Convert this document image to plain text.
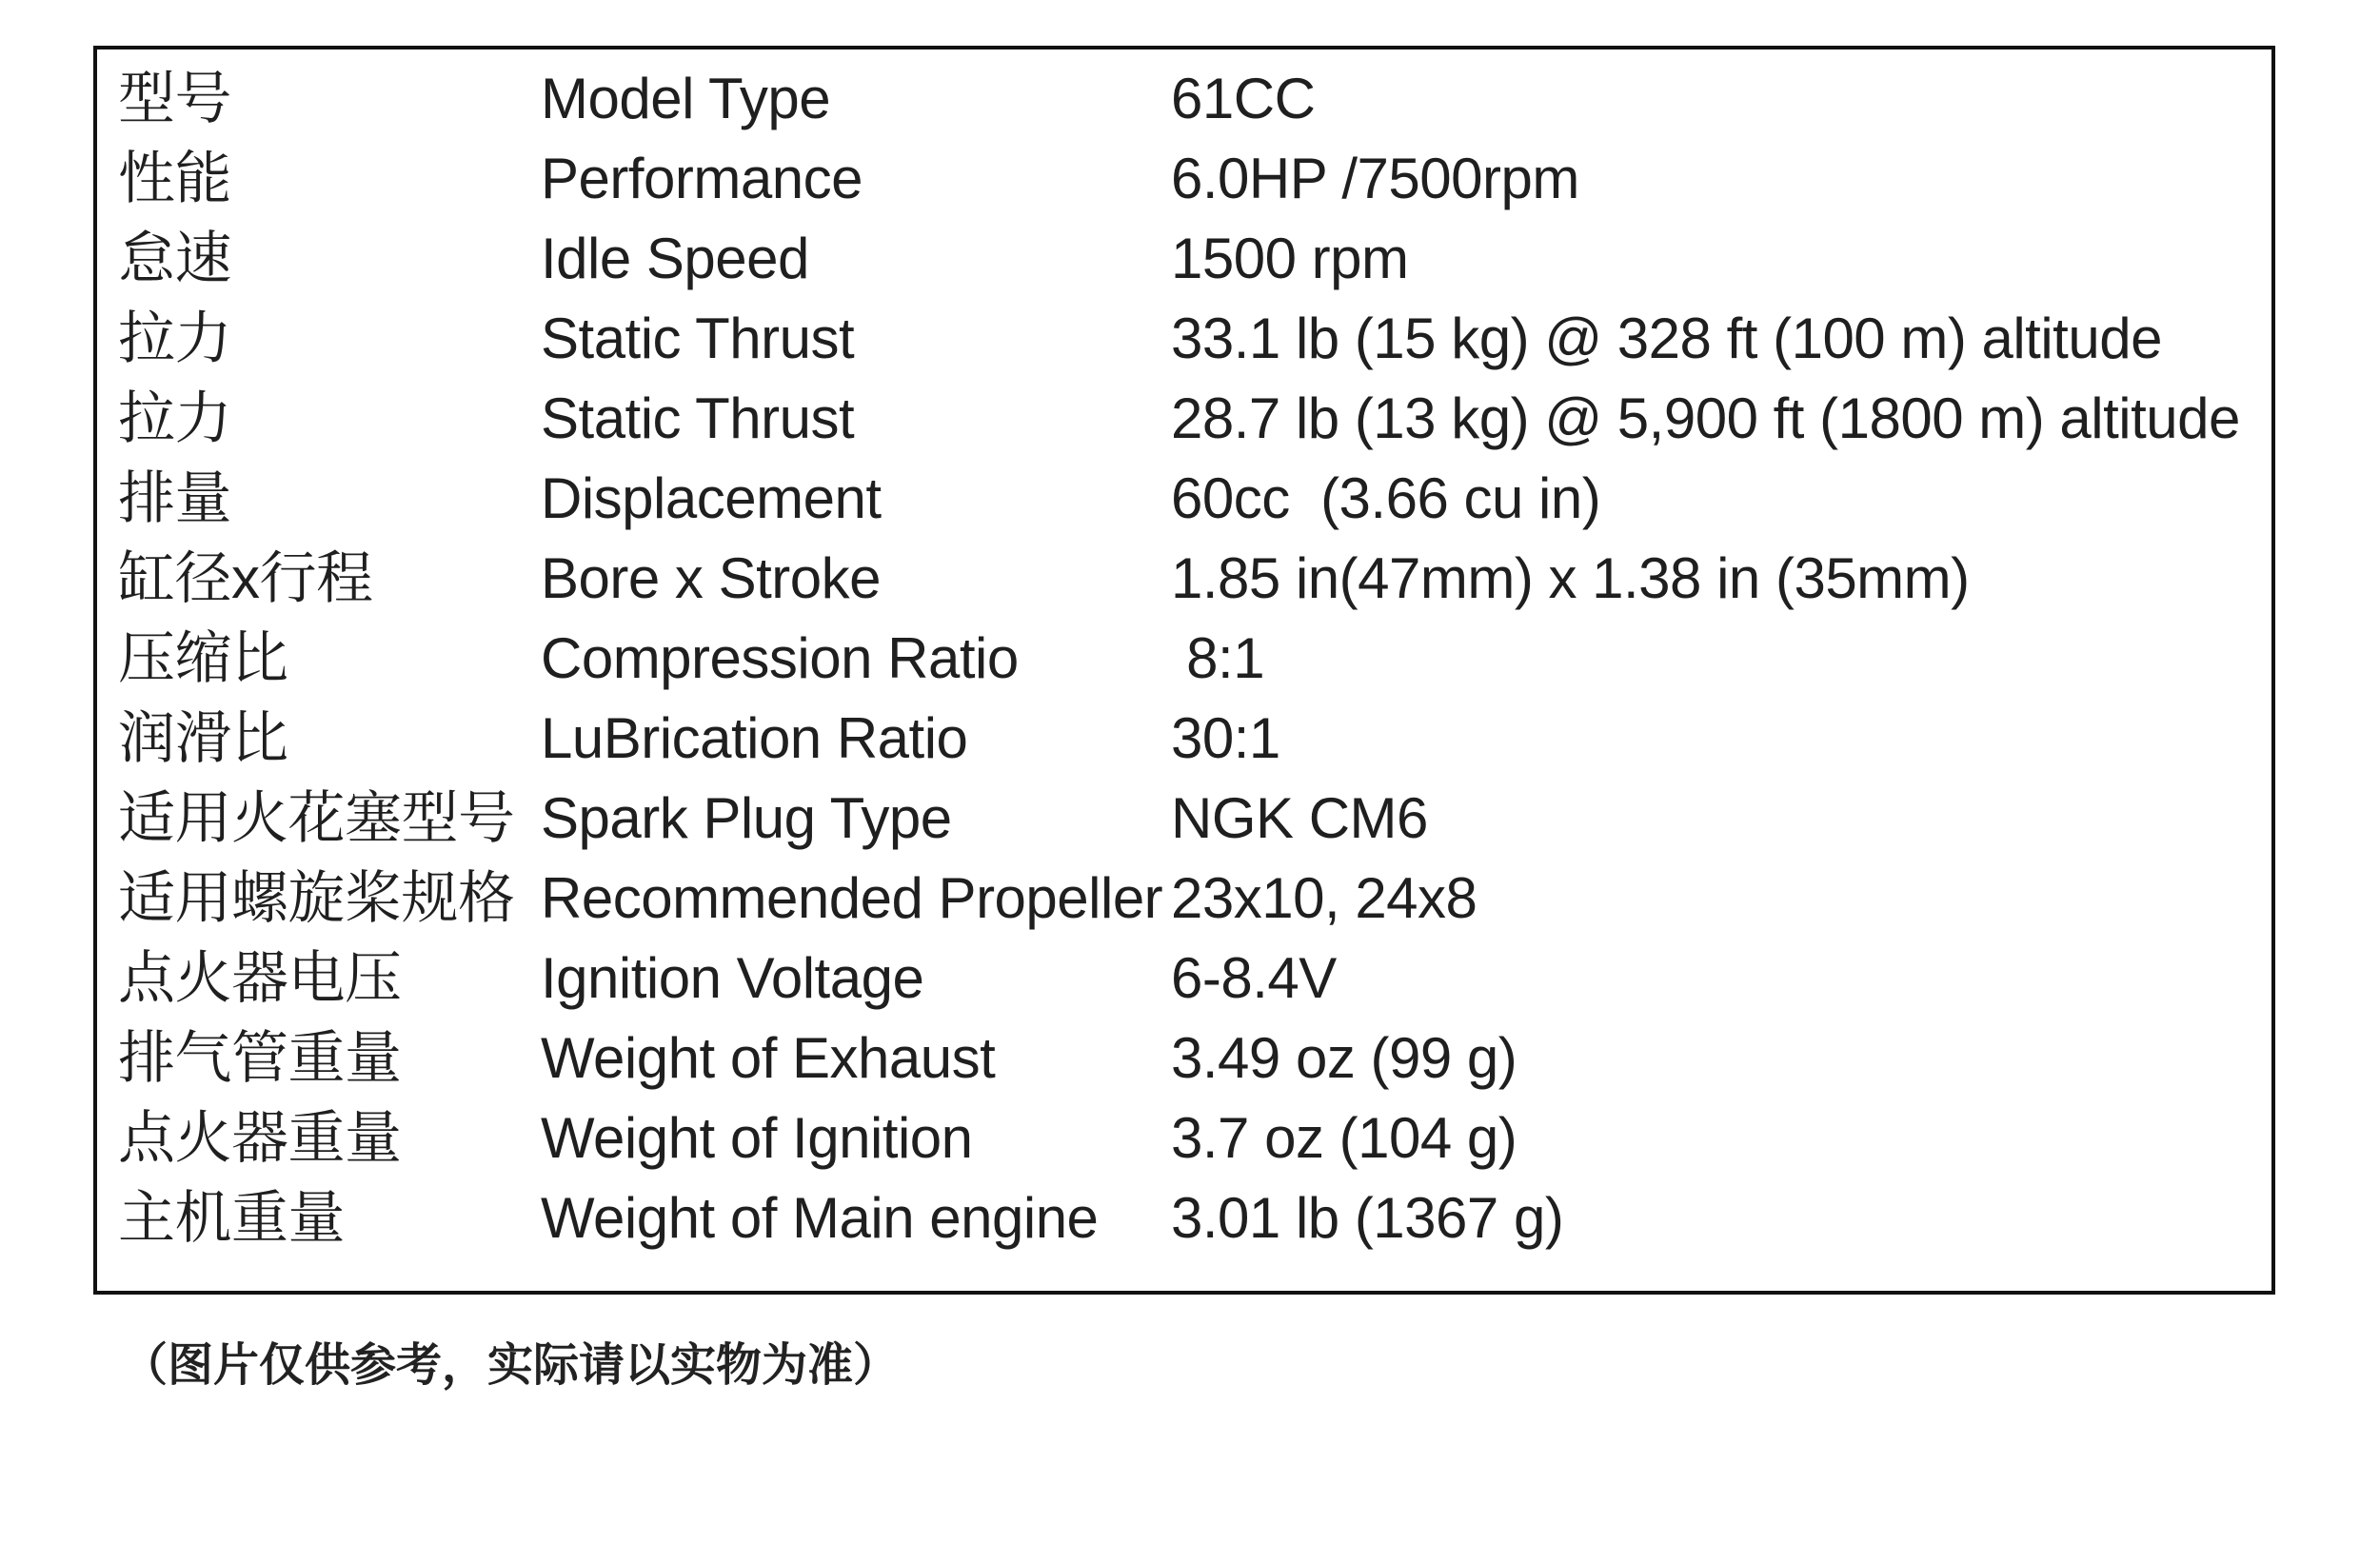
型号	Model Type	61CC
性能	Performance	6.0HP /7500rpm
怠速	Idle Speed	1500 rpm
拉力	Static Thrust	33.1 lb (15 kg) @ 328 ft (100 m) altitude
拉力	Static Thrust	28.7 lb (13 kg) @ 5,900 ft (1800 m) altitude
排量	Displacement	60cc  (3.66 cu in)
缸径x行程	Bore x Stroke	1.85 in(47mm) x 1.38 in (35mm)
压缩比	Compression Ratio	8:1
润滑比	LuBrication Ratio	30:1
适用火花塞型号	Spark Plug Type	NGK CM6
适用螺旋桨规格	Recommended Propeller	23x10, 24x8
点火器电压	Ignition Voltage	6-8.4V
排气管重量	Weight of Exhaust	3.49 oz (99 g)
点火器重量	Weight of Ignition	3.7 oz (104 g)
主机重量	Weight of Main engine	3.01 lb (1367 g)
（图片仅供参考，实际请以实物为准）
